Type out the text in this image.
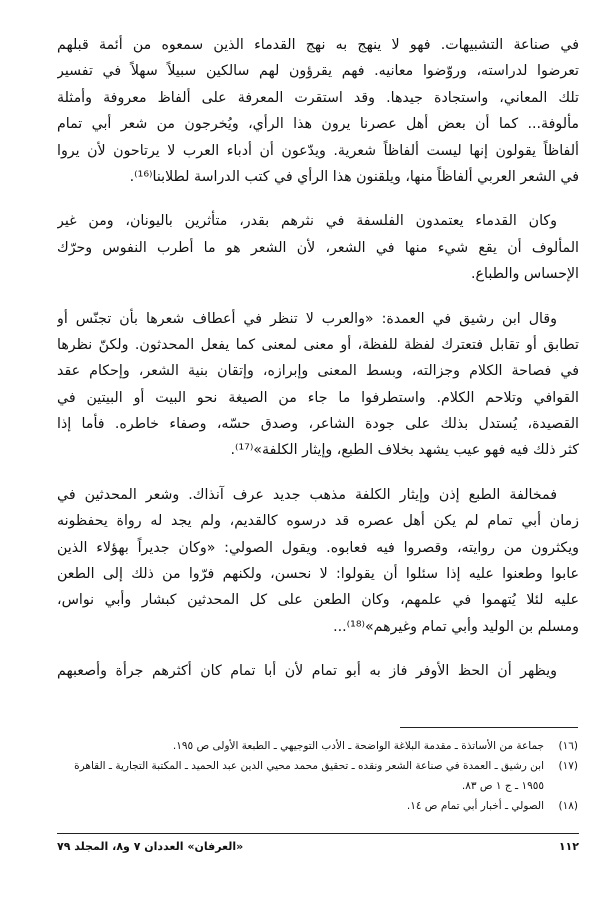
في صناعة التشبيهات. فهو لا ينهج به نهج القدماء الذين سمعوه من أئمة قبلهم
تعرضوا لدراسته، وروّضوا معانيه. فهم يقرؤون لهم سالكين سبيلاً سهلاً في تفسير
تلك المعاني، واستجادة جيدها. وقد استقرت المعرفة على ألفاظ معروفة وأمثلة
مألوفة... كما أن بعض أهل عصرنا يرون هذا الرأي، ويُخرجون من شعر أبي تمام
ألفاظاً يقولون إنها ليست ألفاظاً شعرية. ويدّعون أن أدباء العرب لا يرتاحون لأن يروا
في الشعر العربي ألفاظاً منها، ويلقنون هذا الرأي في كتب الدراسة لطلابنا⁽¹⁶⁾.
وكان القدماء يعتمدون الفلسفة في نثرهم بقدر، متأثرين باليونان، ومن غير
المألوف أن يقع شيء منها في الشعر، لأن الشعر هو ما أطرب النفوس وحرّك
الإحساس والطباع.
وقال ابن رشيق في العمدة: «والعرب لا تنظر في أعطاف شعرها بأن تجنّس أو
تطابق أو تقابل فتعترك لفظة للفظة، أو معنى لمعنى كما يفعل المحدثون. ولكنّ نظرها
في فصاحة الكلام وجزالته، وبسط المعنى وإبرازه، وإتقان بنية الشعر، وإحكام عقد
القوافي وتلاحم الكلام. واستطرفوا ما جاء من الصيغة نحو البيت أو البيتين في
القصيدة، يُستدل بذلك على جودة الشاعر، وصدق حسّه، وصفاء خاطره. فأما إذا
كثر ذلك فيه فهو عيب يشهد بخلاف الطبع، وإيثار الكلفة»⁽¹⁷⁾.
فمخالفة الطبع إذن وإيثار الكلفة مذهب جديد عرف آنذاك. وشعر المحدثين في
زمان أبي تمام لم يكن أهل عصره قد درسوه كالقديم، ولم يجد له رواة يحفظونه
ويكثرون من روايته، وقصروا فيه فعابوه. ويقول الصولي: «وكان جديراً بهؤلاء الذين
عابوا وطعنوا عليه إذا سئلوا أن يقولوا: لا نحسن، ولكنهم فرّوا من ذلك إلى الطعن
عليه لئلا يُتهموا في علمهم، وكان الطعن على كل المحدثين كبشار وأبي نواس،
ومسلم بن الوليد وأبي تمام وغيرهم»⁽¹⁸⁾...
ويظهر أن الحظ الأوفر فاز به أبو تمام لأن أبا تمام كان أكثرهم جرأة وأصعبهم
(١٦)
جماعة من الأساتذة ـ مقدمة البلاغة الواضحة ـ الأدب التوجيهي ـ الطبعة الأولى ص ١٩٥.
(١٧)
ابن رشيق ـ العمدة في صناعة الشعر ونقده ـ تحقيق محمد محيي الدين عبد الحميد ـ المكتبة التجارية ـ القاهرة ١٩٥٥ ـ ج ١ ص ٨٣.
(١٨)
الصولي ـ أخبار أبي تمام ص ١٤.
١١٢
«العرفان» العددان ٧ و٨، المجلد ٧٩
